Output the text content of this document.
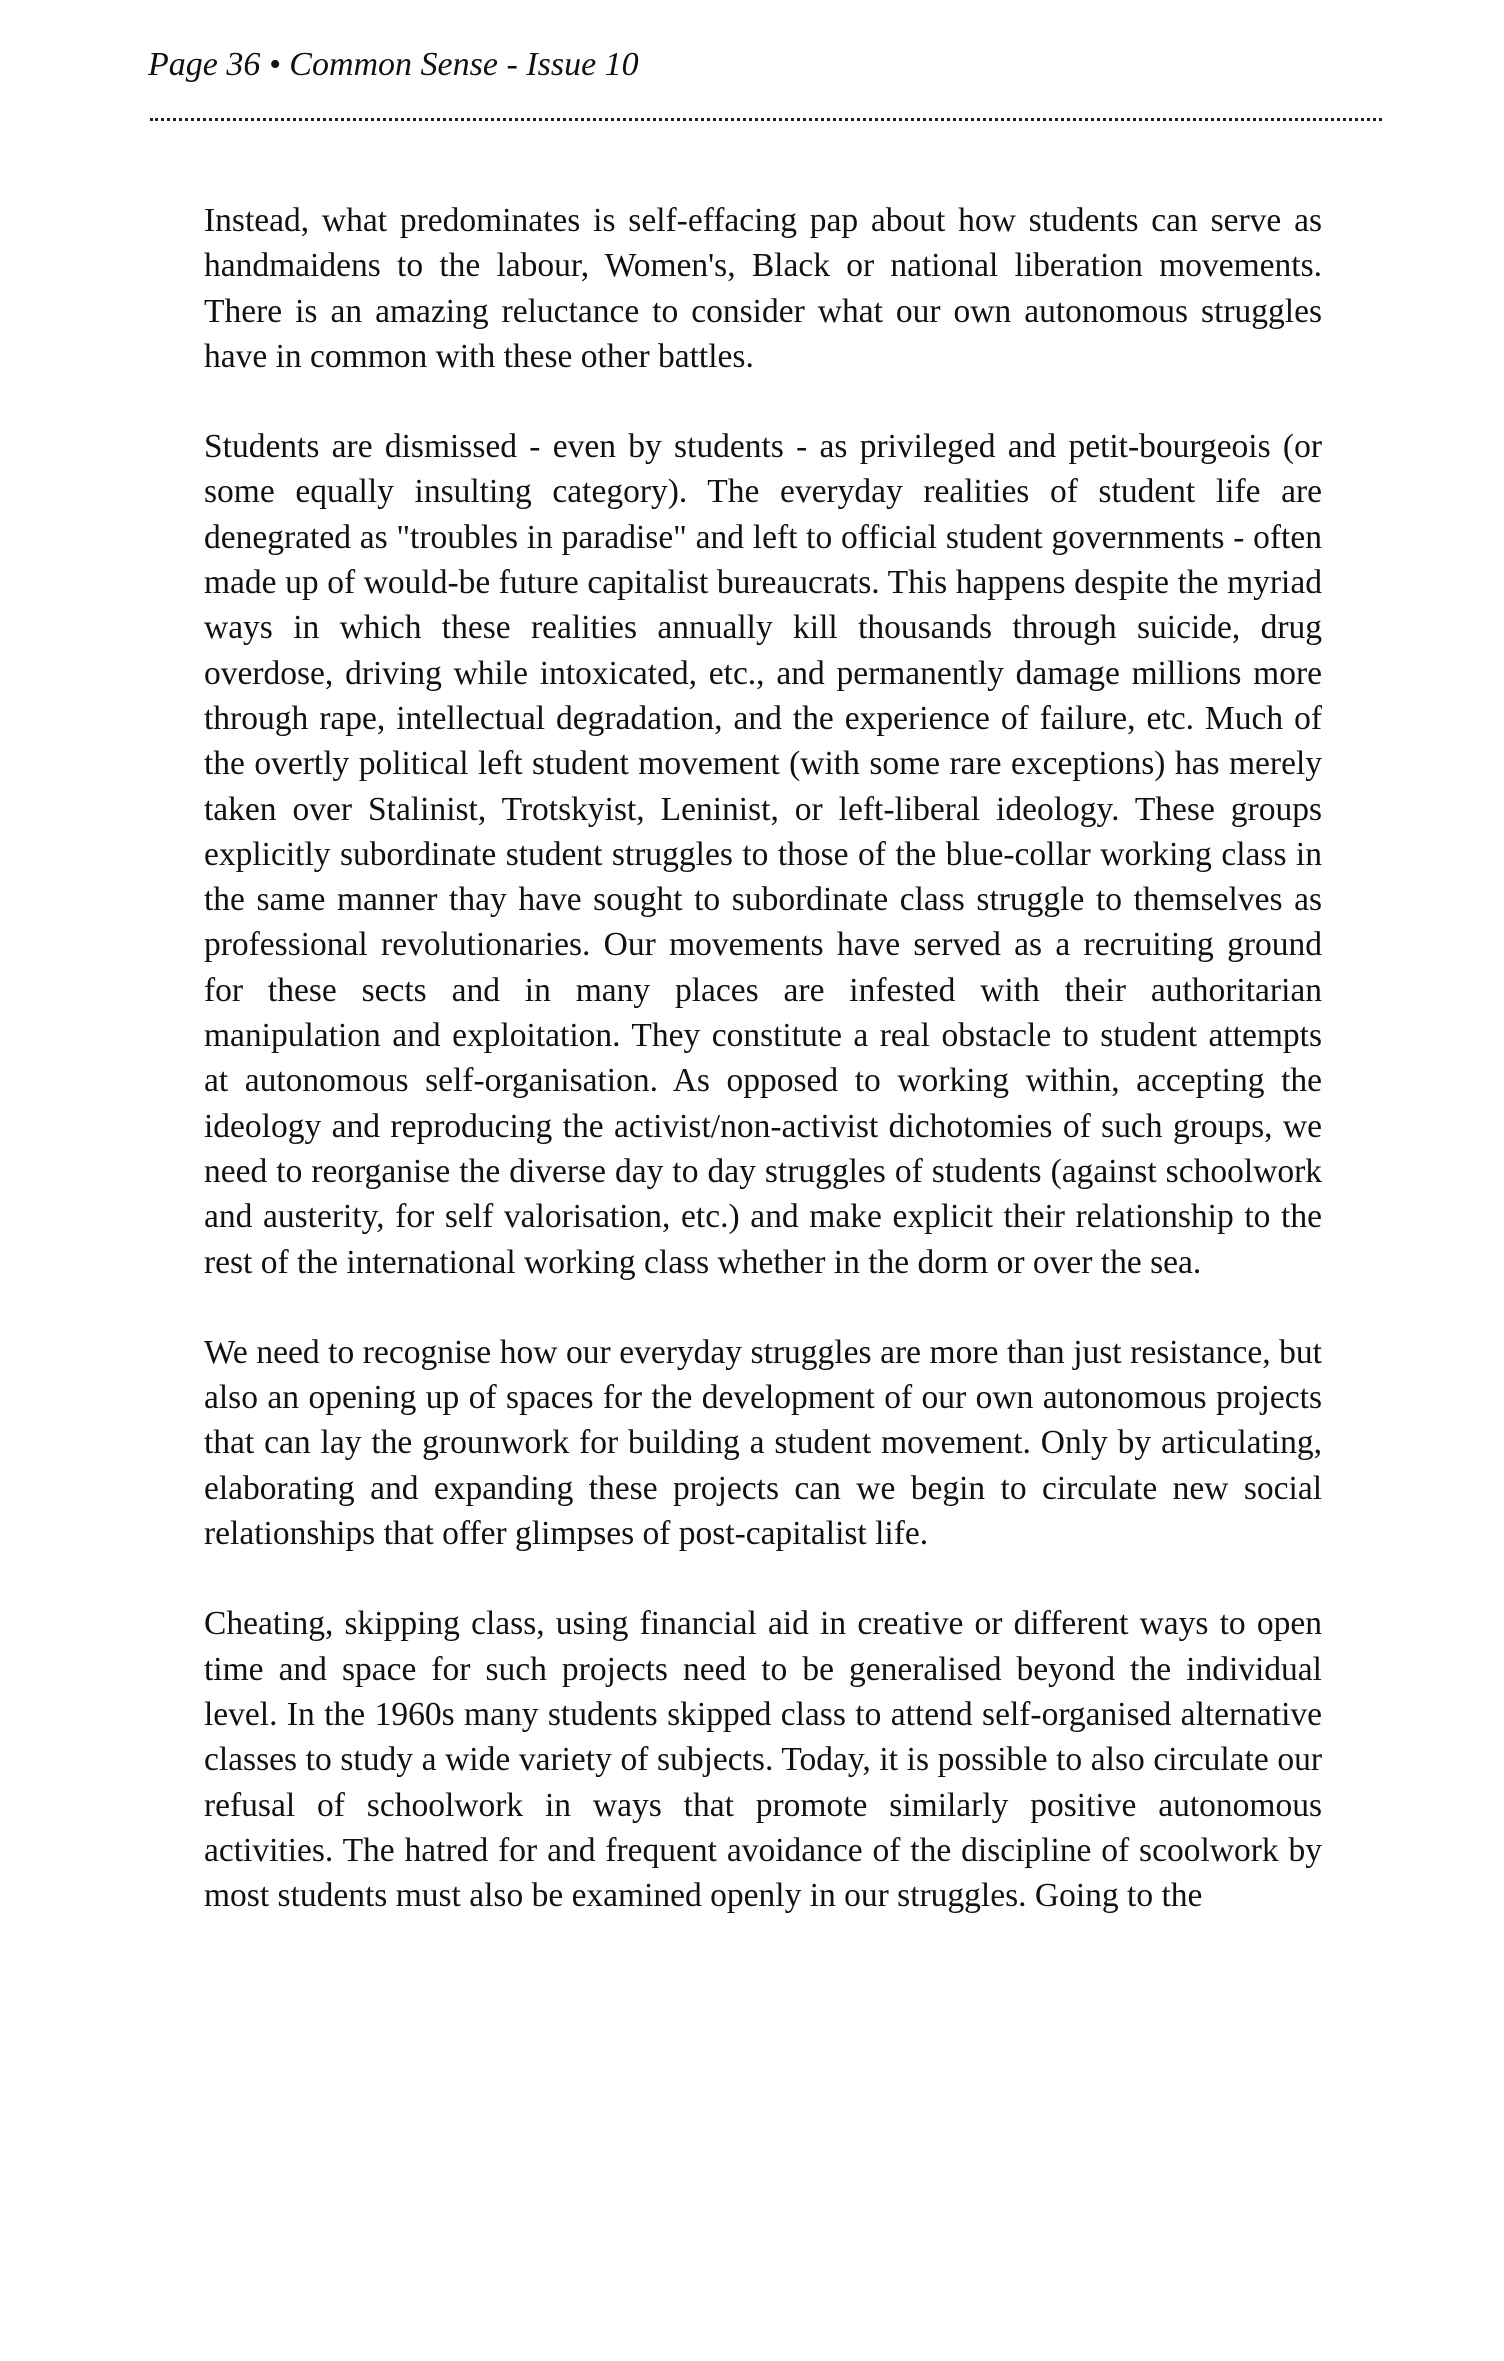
Page 36 • Common Sense - Issue 10

Instead, what predominates is self-effacing pap about how students can serve as handmaidens to the labour, Women's, Black or national liberation movements. There is an amazing reluctance to consider what our own autonomous struggles have in common with these other battles.

Students are dismissed - even by students - as privileged and petit-bourgeois (or some equally insulting category). The everyday realities of student life are denegrated as "troubles in paradise" and left to official student governments - often made up of would-be future capitalist bureaucrats. This happens despite the myriad ways in which these realities annually kill thousands through suicide, drug overdose, driving while intoxicated, etc., and permanently damage millions more through rape, intellectual degradation, and the experience of failure, etc. Much of the overtly political left student movement (with some rare exceptions) has merely taken over Stalinist, Trotskyist, Leninist, or left-liberal ideology. These groups explicitly subordinate student struggles to those of the blue-collar working class in the same manner thay have sought to subordinate class struggle to themselves as professional revolutionaries. Our movements have served as a recruiting ground for these sects and in many places are infested with their authoritarian manipulation and exploitation. They constitute a real obstacle to student attempts at autonomous self-organisation. As opposed to working within, accepting the ideology and reproducing the activist/non-activist dichotomies of such groups, we need to reorganise the diverse day to day struggles of students (against schoolwork and austerity, for self valorisation, etc.) and make explicit their relationship to the rest of the international working class whether in the dorm or over the sea.

We need to recognise how our everyday struggles are more than just resistance, but also an opening up of spaces for the development of our own autonomous projects that can lay the grounwork for building a student movement. Only by articulating, elaborating and expanding these projects can we begin to circulate new social relationships that offer glimpses of post-capitalist life.

Cheating, skipping class, using financial aid in creative or different ways to open time and space for such projects need to be generalised beyond the individual level. In the 1960s many students skipped class to attend self-organised alternative classes to study a wide variety of subjects. Today, it is possible to also circulate our refusal of schoolwork in ways that promote similarly positive autonomous activities. The hatred for and frequent avoidance of the discipline of scoolwork by most students must also be examined openly in our struggles. Going to the
